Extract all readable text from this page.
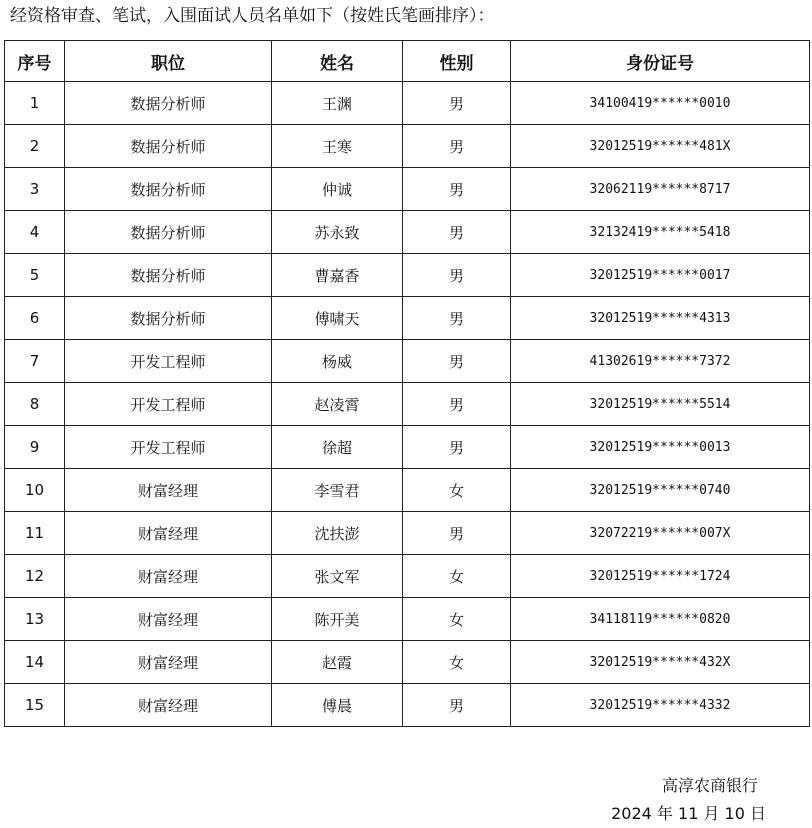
经资格审查、笔试，入围面试人员名单如下（按姓氏笔画排序）：
序号	职位	姓名	性别	身份证号
1	数据分析师	王渊	男	34100419******0010
2	数据分析师	王寒	男	32012519******481X
3	数据分析师	仲诚	男	32062119******8717
4	数据分析师	苏永致	男	32132419******5418
5	数据分析师	曹嘉香	男	32012519******0017
6	数据分析师	傅啸天	男	32012519******4313
7	开发工程师	杨威	男	41302619******7372
8	开发工程师	赵凌霄	男	32012519******5514
9	开发工程师	徐超	男	32012519******0013
10	财富经理	李雪君	女	32012519******0740
11	财富经理	沈扶澎	男	32072219******007X
12	财富经理	张文军	女	32012519******1724
13	财富经理	陈开美	女	34118119******0820
14	财富经理	赵霞	女	32012519******432X
15	财富经理	傅晨	男	32012519******4332
高淳农商银行
2024 年 11 月 10 日
